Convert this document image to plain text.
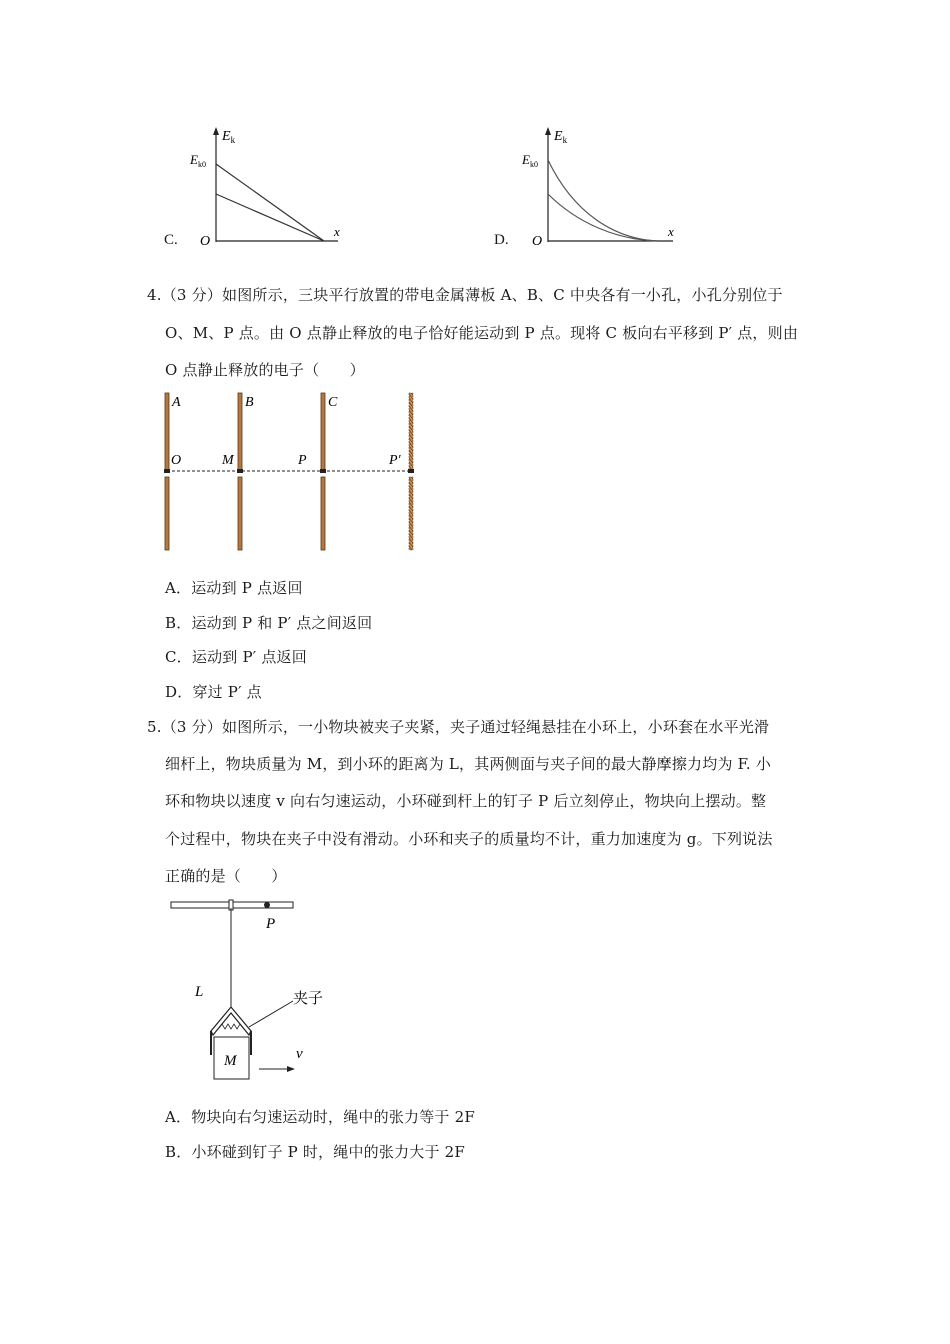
C.
$E_k$
$E_{k0}$
O
x
D.
$E_k$
$E_{k0}$
O
x
4.（3 分）如图所示，三块平行放置的带电金属薄板 A、B、C 中央各有一小孔，小孔分别位于
O、M、P 点。由 O 点静止释放的电子恰好能运动到 P 点。现将 C 板向右平移到 P′ 点，则由
O 点静止释放的电子（　　）
A	B	C
O	M	P	P′
A．运动到 P 点返回
B．运动到 P 和 P′ 点之间返回
C．运动到 P′ 点返回
D．穿过 P′ 点
5.（3 分）如图所示，一小物块被夹子夹紧，夹子通过轻绳悬挂在小环上，小环套在水平光滑
细杆上，物块质量为 M，到小环的距离为 L，其两侧面与夹子间的最大静摩擦力均为 F. 小
环和物块以速度 v 向右匀速运动，小环碰到杆上的钉子 P 后立刻停止，物块向上摆动。整
个过程中，物块在夹子中没有滑动。小环和夹子的质量均不计，重力加速度为 g。下列说法
正确的是（　　）
P
L	夹子
M	v
A．物块向右匀速运动时，绳中的张力等于 2F
B．小环碰到钉子 P 时，绳中的张力大于 2F
